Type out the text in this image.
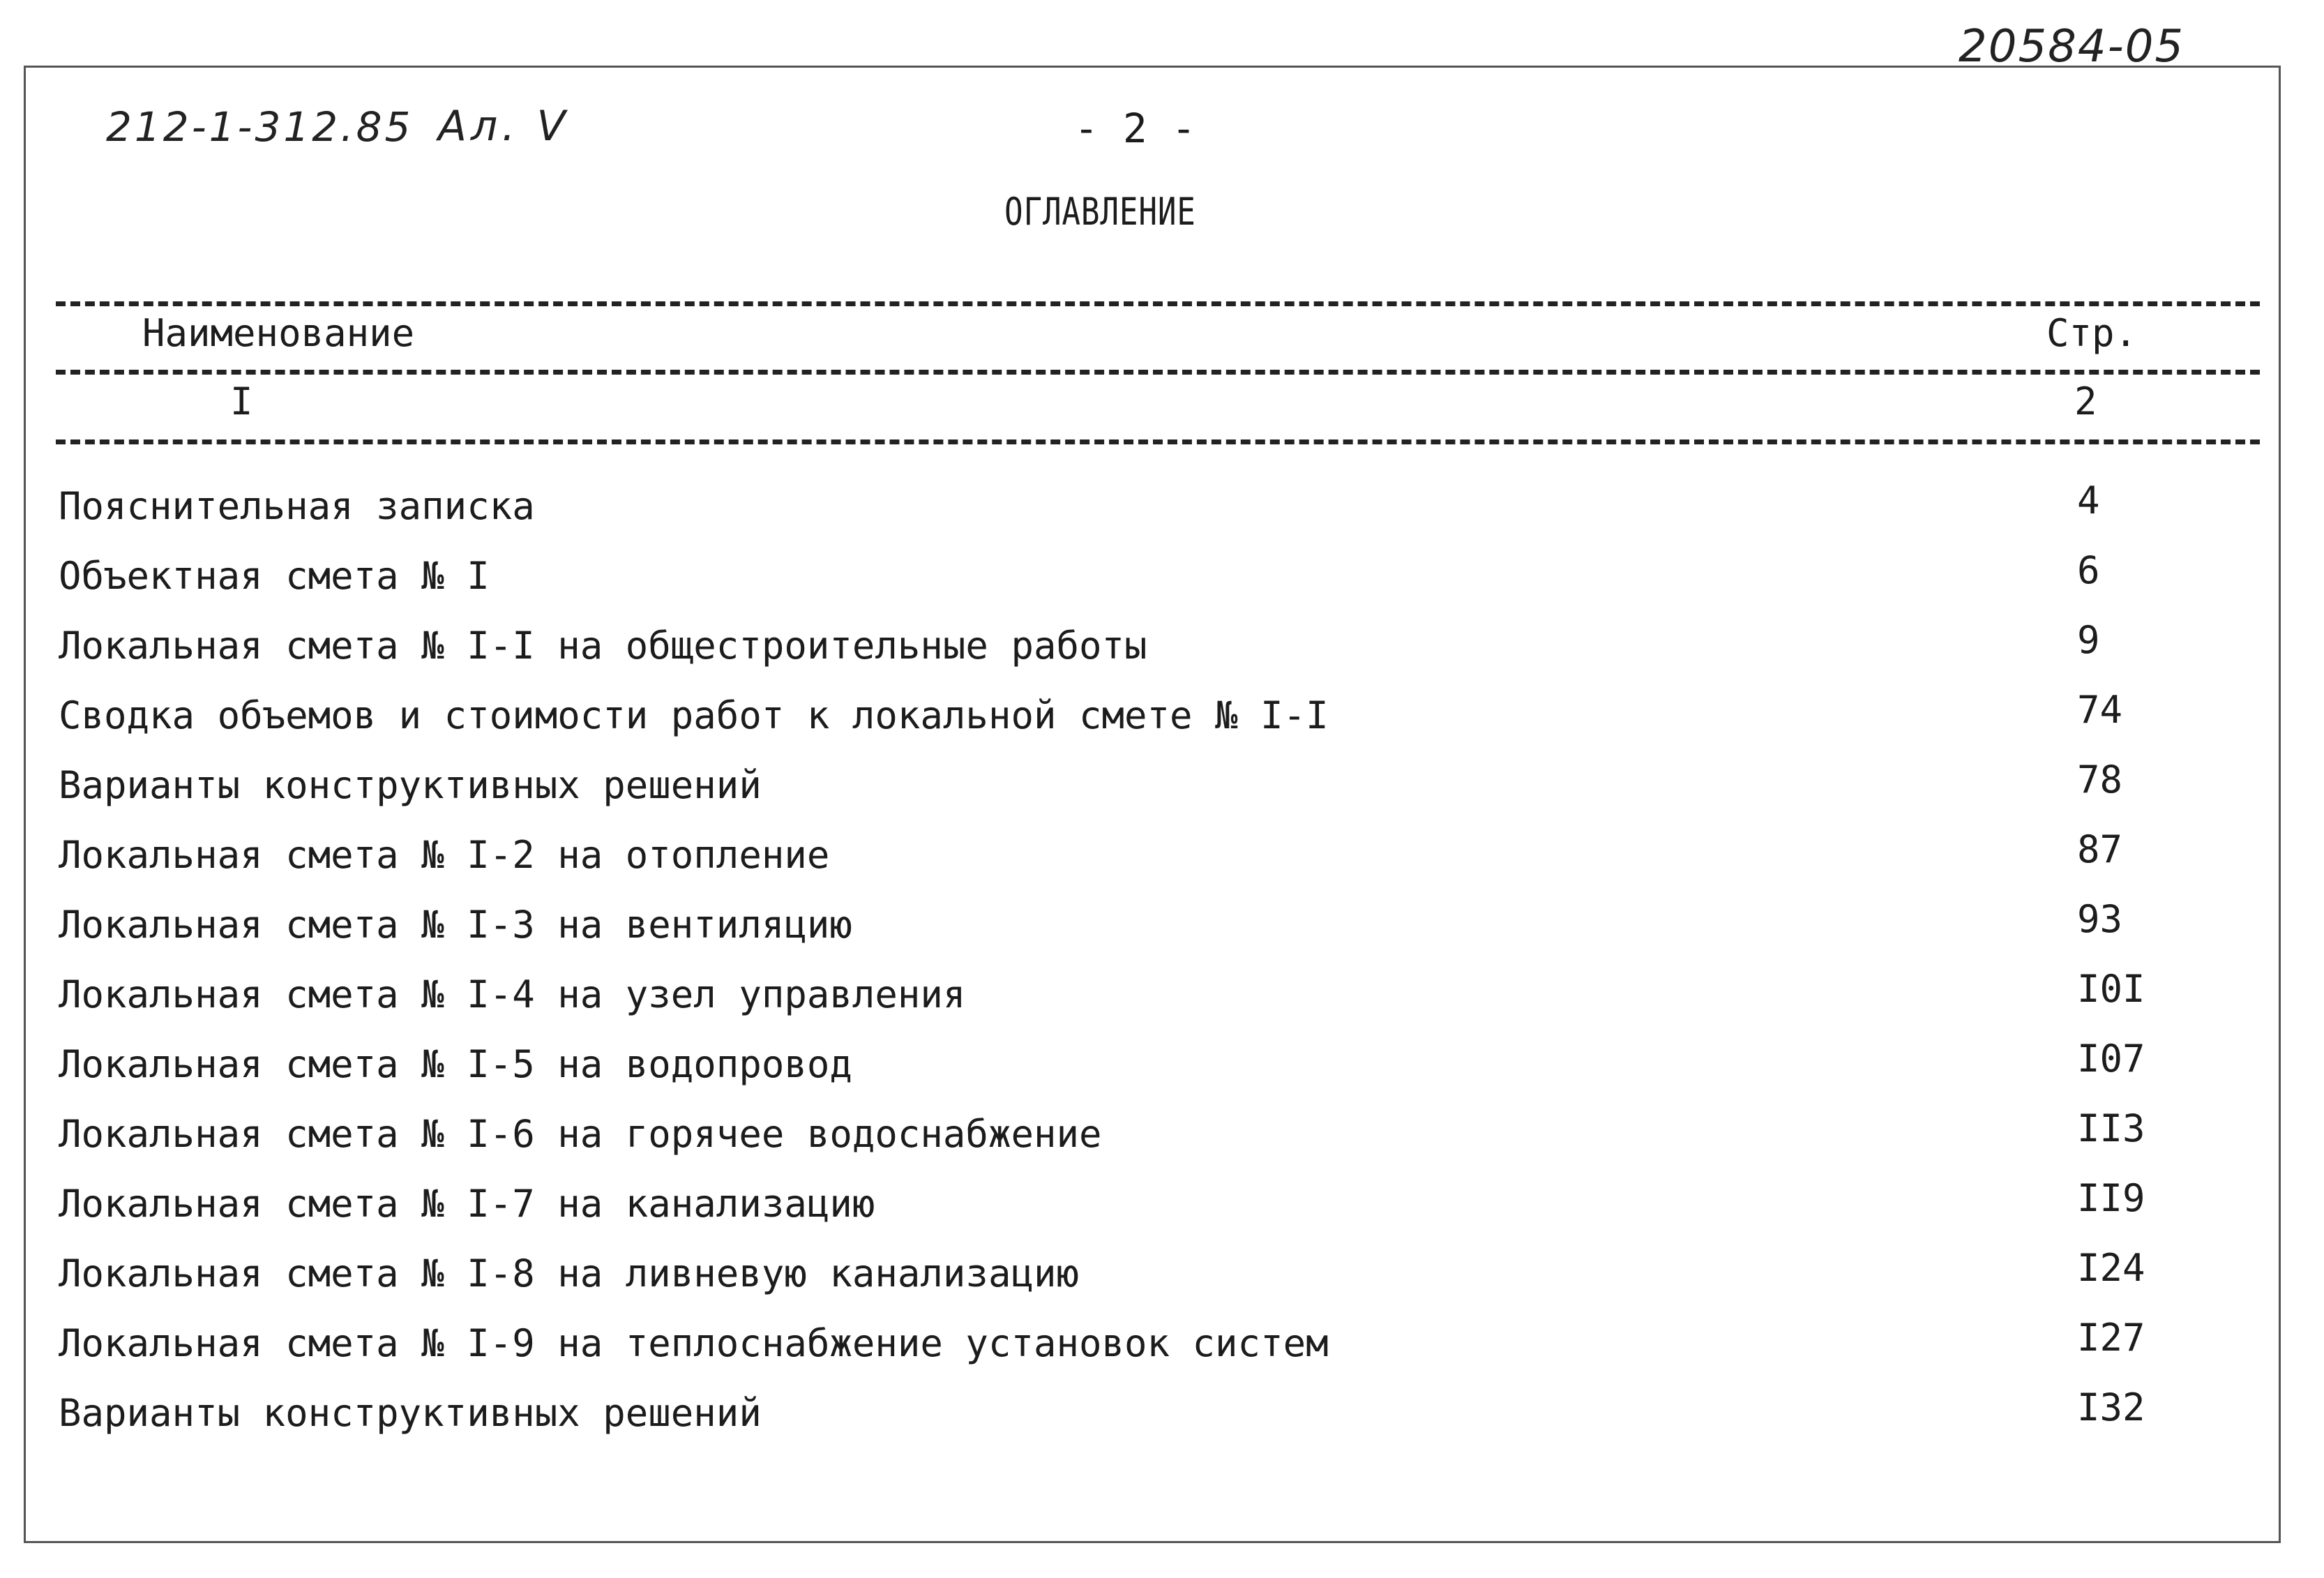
20584-05
212-1-312.85 Ал. V	- 2 -
ОГЛАВЛЕНИЕ
Наименование	Стр.
I	2
Пояснительная записка	4
Объектная смета № I	6
Локальная смета № I-I на общестроительные работы	9
Сводка объемов и стоимости работ к локальной смете № I-I	74
Варианты конструктивных решений	78
Локальная смета № I-2 на отопление	87
Локальная смета № I-3 на вентиляцию	93
Локальная смета № I-4 на узел управления	I0I
Локальная смета № I-5 на водопровод	I07
Локальная смета № I-6 на горячее водоснабжение	II3
Локальная смета № I-7 на канализацию	II9
Локальная смета № I-8 на ливневую канализацию	I24
Локальная смета № I-9 на теплоснабжение установок систем	I27
Варианты конструктивных решений	I32
